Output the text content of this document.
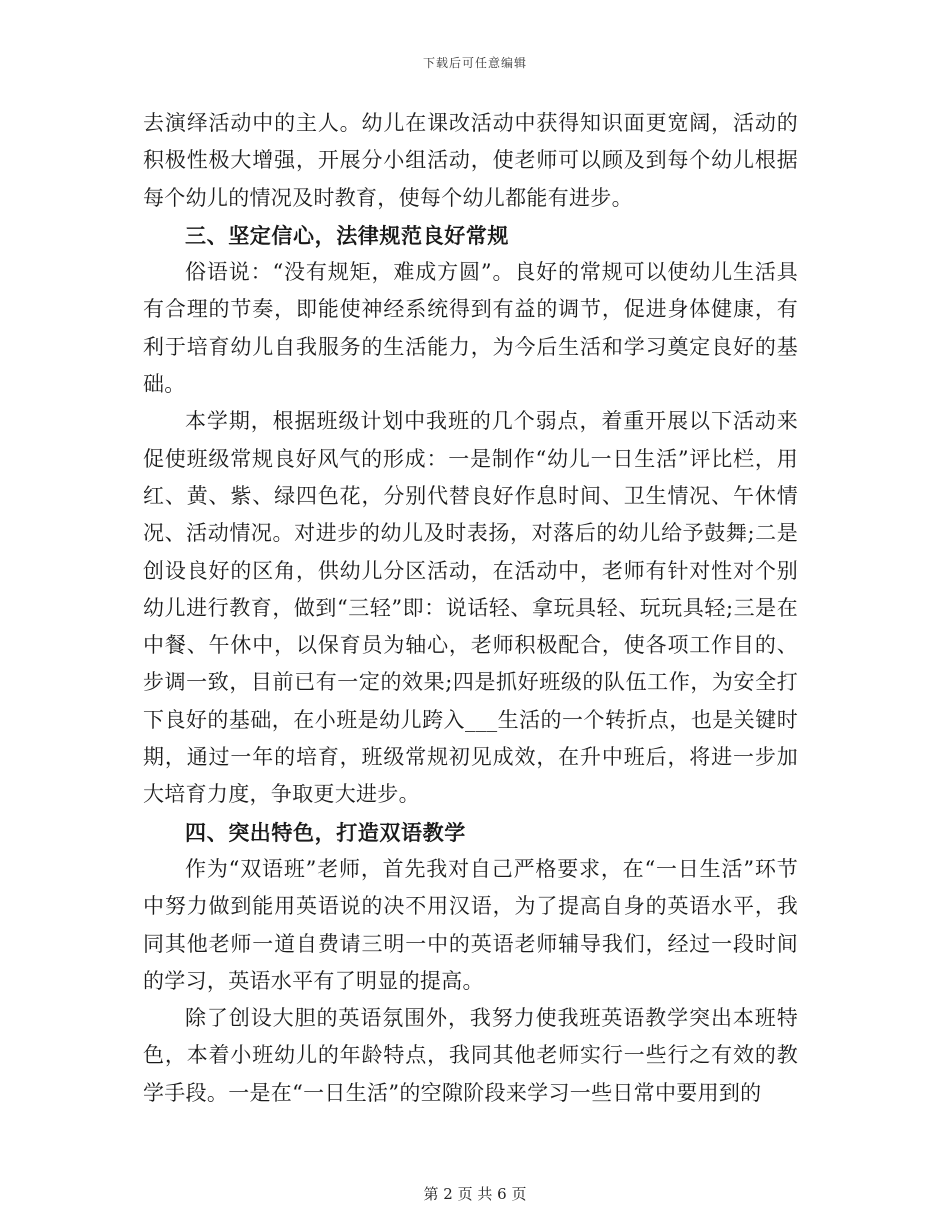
下载后可任意编辑

去演绎活动中的主人。幼儿在课改活动中获得知识面更宽阔，活动的积极性极大增强，开展分小组活动，使老师可以顾及到每个幼儿根据每个幼儿的情况及时教育，使每个幼儿都能有进步。

三、坚定信心，法律规范良好常规

俗语说：“没有规矩，难成方圆”。良好的常规可以使幼儿生活具有合理的节奏，即能使神经系统得到有益的调节，促进身体健康，有利于培育幼儿自我服务的生活能力，为今后生活和学习奠定良好的基础。

本学期，根据班级计划中我班的几个弱点，着重开展以下活动来促使班级常规良好风气的形成：一是制作“幼儿一日生活”评比栏，用红、黄、紫、绿四色花，分别代替良好作息时间、卫生情况、午休情况、活动情况。对进步的幼儿及时表扬，对落后的幼儿给予鼓舞;二是创设良好的区角，供幼儿分区活动，在活动中，老师有针对性对个别幼儿进行教育，做到“三轻”即：说话轻、拿玩具轻、玩玩具轻;三是在中餐、午休中，以保育员为轴心，老师积极配合，使各项工作目的、步调一致，目前已有一定的效果;四是抓好班级的队伍工作，为安全打下良好的基础，在小班是幼儿跨入___生活的一个转折点，也是关键时期，通过一年的培育，班级常规初见成效，在升中班后，将进一步加大培育力度，争取更大进步。

四、突出特色，打造双语教学

作为“双语班”老师，首先我对自己严格要求，在“一日生活”环节中努力做到能用英语说的决不用汉语，为了提高自身的英语水平，我同其他老师一道自费请三明一中的英语老师辅导我们，经过一段时间的学习，英语水平有了明显的提高。

除了创设大胆的英语氛围外，我努力使我班英语教学突出本班特色，本着小班幼儿的年龄特点，我同其他老师实行一些行之有效的教学手段。一是在“一日生活”的空隙阶段来学习一些日常中要用到的

第 2 页 共 6 页
